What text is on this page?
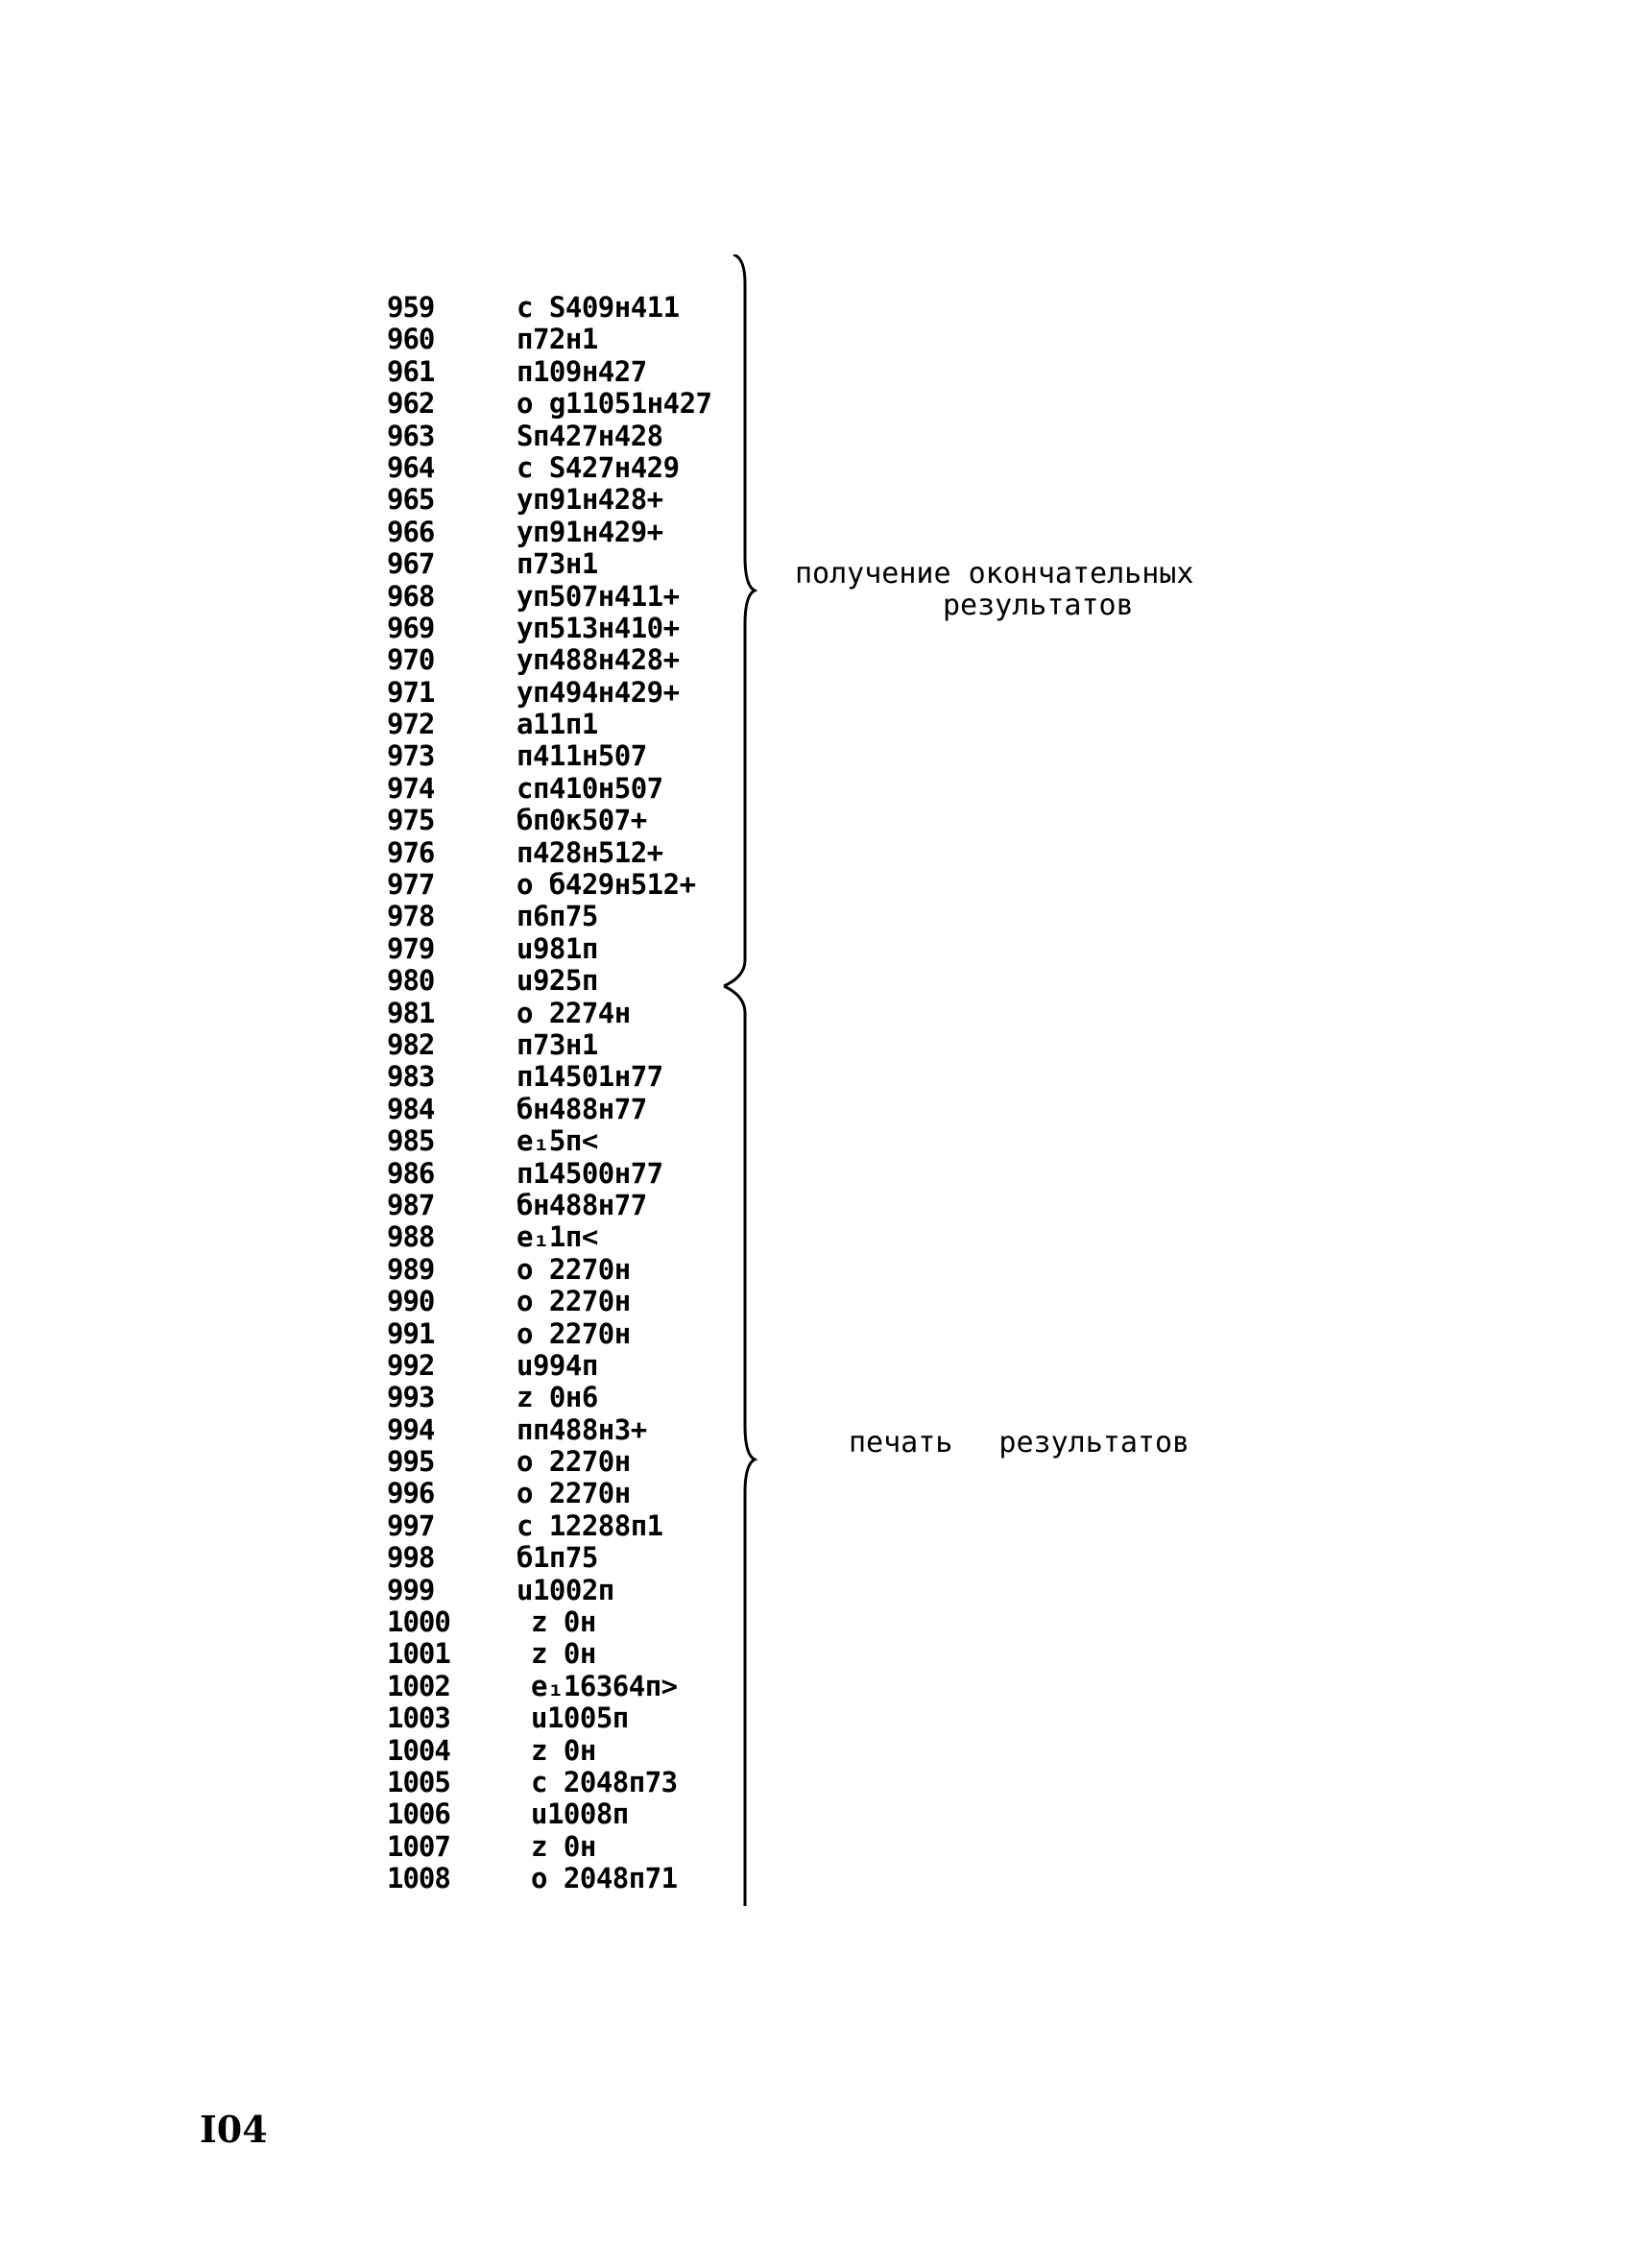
959	c S409н411
960	п72н1
961	п109н427
962	o g11051н427
963	Sп427н428
964	c S427н429
965	yп91н428+
966	yп91н429+
967	п73н1
968	yп507н411+
969	yп513н410+
970	yп488н428+
971	yп494н429+
972	a11п1
973	п411н507
974	cп410н507
975	бп0к507+
976	п428н512+
977	o б429н512+
978	п6п75
979	u981п
980	u925п
981	o 2274н
982	п73н1
983	п14501н77
984	бн488н77
985	e₁5п<
986	п14500н77
987	бн488н77
988	e₁1п<
989	o 2270н
990	o 2270н
991	o 2270н
992	u994п
993	z 0н6
994	пп488н3+
995	o 2270н
996	o 2270н
997	c 12288п1
998	б1п75
999	u1002п
1000	z 0н
1001	z 0н
1002	e₁16364п>
1003	u1005п
1004	z 0н
1005	c 2048п73
1006	u1008п
1007	z 0н
1008	o 2048п71
получение окончательных
результатов
печать результатов
I04
